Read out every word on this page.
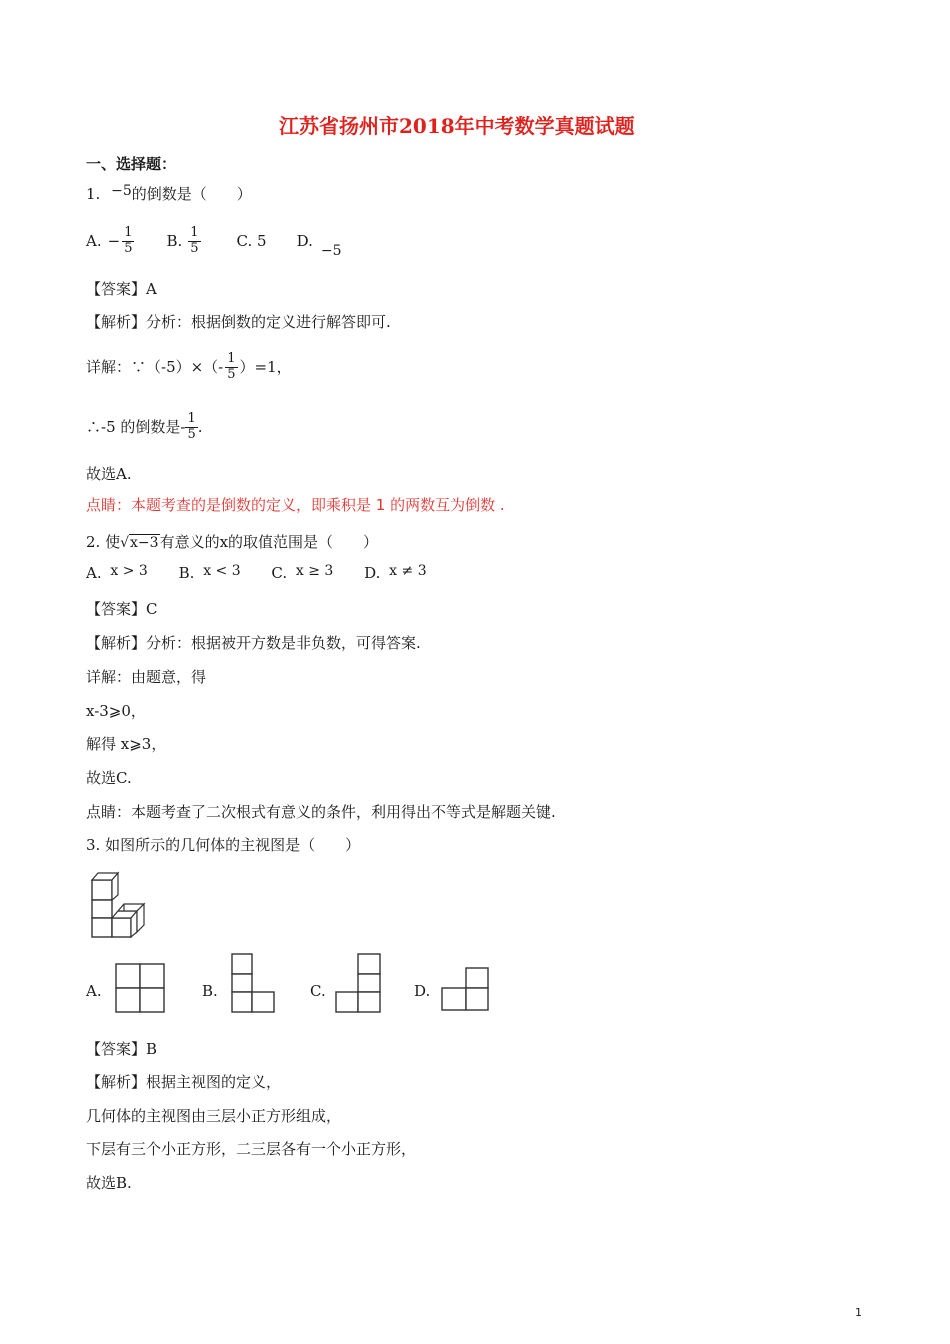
江苏省扬州市2018年中考数学真题试题
一、选择题：
1. −5的倒数是（　　）
A. − $\frac{1}{5} B$. $\frac{1}{5} C$. 5 D.
−5
【答案】A
【解析】分析：根据倒数的定义进行解答即可.
详解：∵（-5）×（- $\frac{1}{5} )=1$，
∴-5 的倒数是- $\frac{1}{5}$ .
故选A.
点睛：本题考查的是倒数的定义，即乘积是 1 的两数互为倒数 .
2. 使√x−3有意义的x的取值范围是（　　）
A. x > 3 B. x < 3 C. x ≥ 3 D. x ≠ 3
【答案】C
【解析】分析：根据被开方数是非负数，可得答案.
详解：由题意，得
x-3⩾0，
解得 x⩾3，
故选C.
点睛：本题考查了二次根式有意义的条件，利用得出不等式是解题关键.
3. 如图所示的几何体的主视图是（　　）
A.	B.	C.	D.
【答案】B
【解析】根据主视图的定义，
几何体的主视图由三层小正方形组成，
下层有三个小正方形，二三层各有一个小正方形，
故选B.
1
